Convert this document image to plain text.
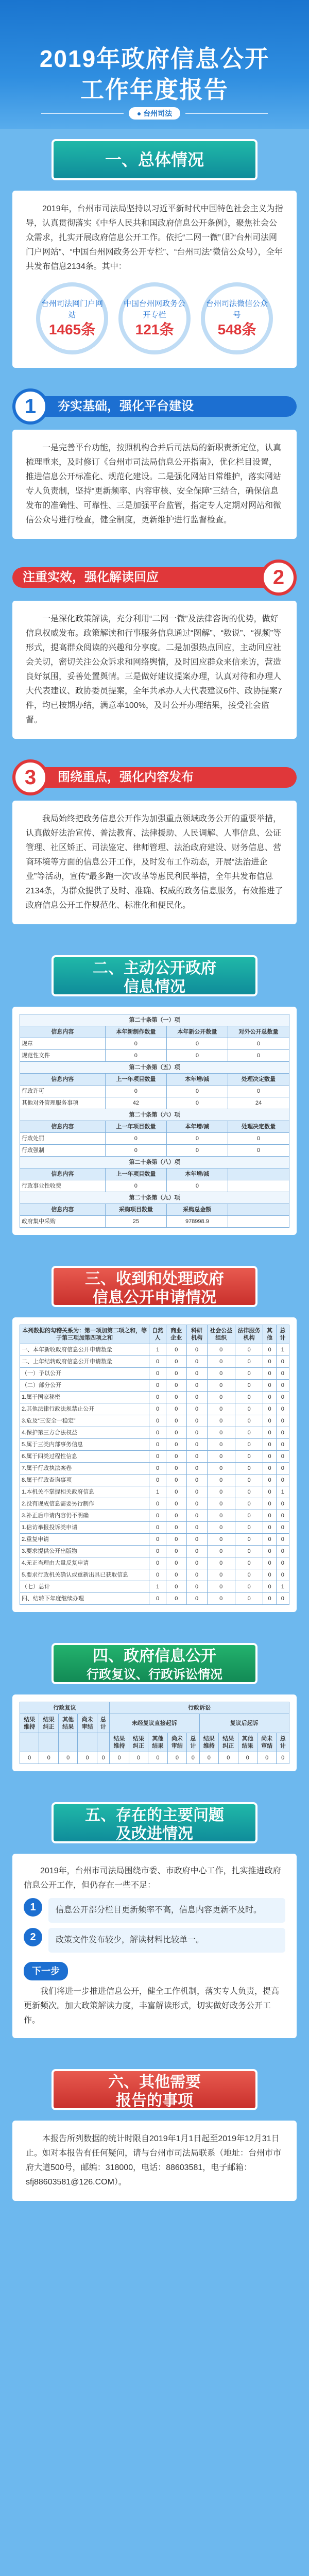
2019年政府信息公开
工作年度报告
● 台州司法
一、总体情况

2019年，台州市司法局坚持以习近平新时代中国特色社会主义为指导，认真贯彻落实《中华人民共和国政府信息公开条例》，聚焦社会公众需求，扎实开展政府信息公开工作。依托“二网一微”（即“台州司法网门户网站”、“中国台州网政务公开专栏”、“台州司法”微信公众号），全年共发布信息2134条。其中：

台州司法网门户网站
1465条
中国台州网政务公开专栏
121条
台州司法微信公众号
548条
夯实基础，强化平台建设
1

一是完善平台功能，按照机构合并后司法局的新职责新定位，认真梳理重来，及时修订《台州市司法局信息公开指南》，优化栏目设置，推进信息公开标准化、规范化建设。二是强化网站日常维护，落实网站专人负责制，坚持“更新频率、内容审核、安全保障”三结合，确保信息发布的准确性、可靠性、三是加强平台监管，指定专人定期对网站和微信公众号进行检查，健全制度，更新维护进行监督检查。

注重实效，强化解读回应	2

一是深化政策解读，充分利用“二网一微”及法律咨询的优势，做好信息权威发布。政策解读和行事服务信息通过“图解”、“数说”、“视频”等形式，提高群众阅读的兴趣和分享度。二是加强热点回应，主动回应社会关切，密切关注公众诉求和网络舆情，及时回应群众来信来访，营造良好氛围，妥善处置舆情。三是做好建议提案办理，认真对待和办理人大代表建议、政协委员提案，全年共承办人大代表建议6件、政协提案7件，均已按期办结，满意率100%，及时公开办理结果，接受社会监督。

围绕重点，强化内容发布
3

我局始终把政务信息公开作为加强重点领域政务公开的重要举措，认真做好法治宣传、普法教育、法律援助、人民调解、人事信息、公证管理、社区矫正、司法鉴定、律师管理、法治政府建设、财务信息、营商环境等方面的信息公开工作，及时发布工作动态，开展“法治进企业”等活动，宣传“最多跑一次”改革等惠民利民举措，全年共发布信息2134条，为群众提供了及时、准确、权威的政务信息服务，有效推进了政府信息公开工作规范化、标准化和便民化。

二、主动公开政府
信息情况
第二十条第（一）项			
信息内容	本年新制作数量	本年新公开数量	对外公开总数量
规章	0	0	0
规范性文件	0	0	0
第二十条第（五）项			
信息内容	上一年项目数量	本年增/减	处理决定数量
行政许可	0	0	0
其他对外管理服务事项	42	0	24
第二十条第（六）项			
信息内容	上一年项目数量	本年增/减	处理决定数量
行政处罚	0	0	0
行政强制	0	0	0
第二十条第（八）项			
信息内容	上一年项目数量	本年增/减	
行政事业性收费	0	0	
第二十条第（九）项			
信息内容	采购项目数量	采购总金额	
政府集中采购	25	978998.9	
三、收到和处理政府
信息公开申请情况
本列数据的勾稽关系为：第一项加第二项之和，等于第三项加第四项之和	自然人	商业企业	科研机构	社会公益组织	法律服务机构	其他	总计
一、本年新收政府信息公开申请数量	1	0	0	0	0	0	1
二、上年结转政府信息公开申请数量	0	0	0	0	0	0	0
（一）予以公开	0	0	0	0	0	0	0
（二）部分公开	0	0	0	0	0	0	0
1.属于国家秘密	0	0	0	0	0	0	0
2.其他法律行政法规禁止公开	0	0	0	0	0	0	0
3.危及“三安全一稳定”	0	0	0	0	0	0	0
4.保护第三方合法权益	0	0	0	0	0	0	0
5.属于三类内部事务信息	0	0	0	0	0	0	0
6.属于四类过程性信息	0	0	0	0	0	0	0
7.属于行政执法案卷	0	0	0	0	0	0	0
8.属于行政查询事项	0	0	0	0	0	0	0
1.本机关不掌握相关政府信息	1	0	0	0	0	0	1
2.没有现成信息需要另行制作	0	0	0	0	0	0	0
3.补正后申请内容仍不明确	0	0	0	0	0	0	0
1.信访举报投诉类申请	0	0	0	0	0	0	0
2.重复申请	0	0	0	0	0	0	0
3.要求提供公开出版物	0	0	0	0	0	0	0
4.无正当理由大量反复申请	0	0	0	0	0	0	0
5.要求行政机关确认或重新出具已获取信息	0	0	0	0	0	0	0
（七）总计	1	0	0	0	0	0	1
四、结转下年度继续办理	0	0	0	0	0	0	0
四、政府信息公开
行政复议、行政诉讼情况
行政复议					行政诉讼									
结果维持	结果纠正	其他结果	尚未审结	总计	未经复议直接起诉					复议后起诉				
					结果维持	结果纠正	其他结果	尚未审结	总计	结果维持	结果纠正	其他结果	尚未审结	总计
0	0	0	0	0	0	0	0	0	0	0	0	0	0	0
五、存在的主要问题
及改进情况

2019年，台州市司法局围绕市委、市政府中心工作，扎实推进政府信息公开工作，但仍存在一些不足：

1	信息公开部分栏目更新频率不高，信息内容更新不及时。
2	政策文件发布较少，解读材料比较单一。
下一步

我们将进一步推进信息公开，健全工作机制，落实专人负责，提高更新频次。加大政策解读力度，丰富解读形式，切实做好政务公开工作。

六、其他需要
报告的事项

本报告所列数据的统计时限自2019年1月1日起至2019年12月31日止。如对本报告有任何疑问，请与台州市司法局联系（地址：台州市市府大道500号，邮编：318000，电话：88603581，电子邮箱：sfj88603581@126.COM）。
